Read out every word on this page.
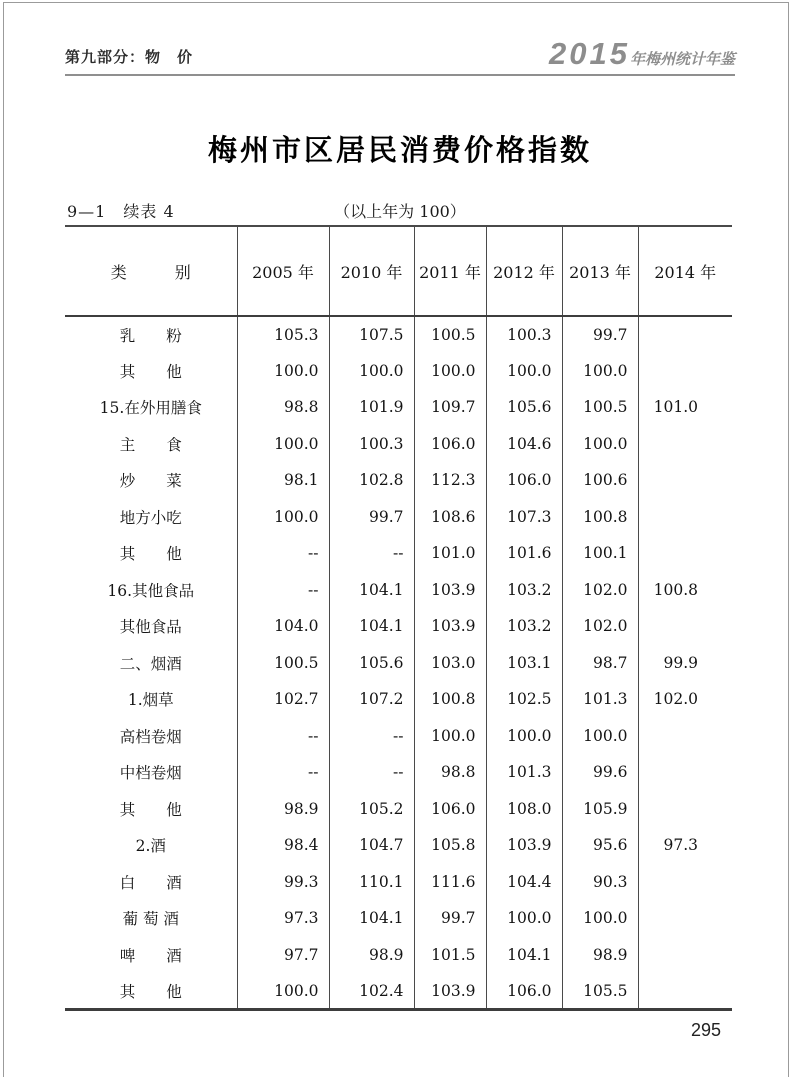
第九部分：物　价	2015年梅州统计年鉴
梅州市区居民消费价格指数
9—1　续表 4	（以上年为 100）
类　　　别	2005 年	2010 年	2011 年	2012 年	2013 年	2014 年
乳　　粉	105.3	107.5	100.5	100.3	99.7	
其　　他	100.0	100.0	100.0	100.0	100.0	
15.在外用膳食	98.8	101.9	109.7	105.6	100.5	101.0
主　　食	100.0	100.3	106.0	104.6	100.0	
炒　　菜	98.1	102.8	112.3	106.0	100.6	
地方小吃	100.0	99.7	108.6	107.3	100.8	
其　　他	--	--	101.0	101.6	100.1	
16.其他食品	--	104.1	103.9	103.2	102.0	100.8
其他食品	104.0	104.1	103.9	103.2	102.0	
二、烟酒	100.5	105.6	103.0	103.1	98.7	99.9
1.烟草	102.7	107.2	100.8	102.5	101.3	102.0
高档卷烟	--	--	100.0	100.0	100.0	
中档卷烟	--	--	98.8	101.3	99.6	
其　　他	98.9	105.2	106.0	108.0	105.9	
2.酒	98.4	104.7	105.8	103.9	95.6	97.3
白　　酒	99.3	110.1	111.6	104.4	90.3	
葡 萄 酒	97.3	104.1	99.7	100.0	100.0	
啤　　酒	97.7	98.9	101.5	104.1	98.9	
其　　他	100.0	102.4	103.9	106.0	105.5	
295
